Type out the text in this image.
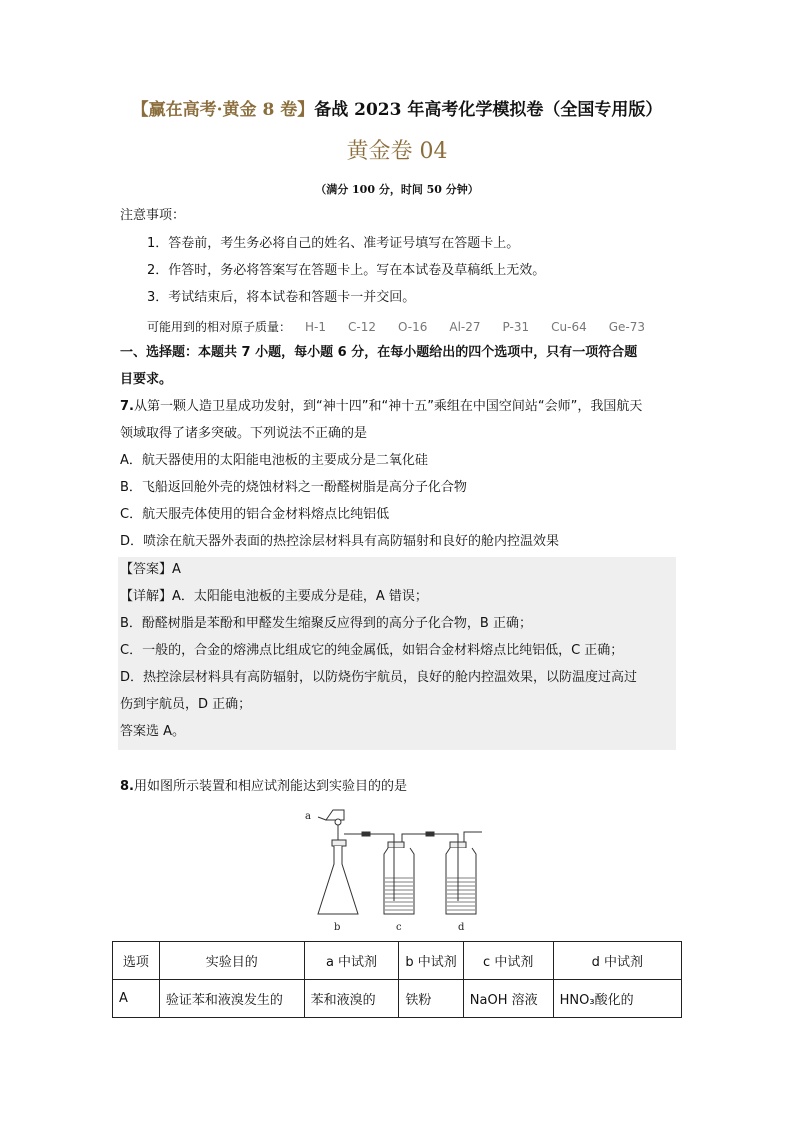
【赢在高考·黄金 8 卷】备战 2023 年高考化学模拟卷（全国专用版）
黄金卷 04
（满分 100 分，时间 50 分钟）
注意事项：
1．答卷前，考生务必将自己的姓名、准考证号填写在答题卡上。
2．作答时，务必将答案写在答题卡上。写在本试卷及草稿纸上无效。
3．考试结束后，将本试卷和答题卡一并交回。
可能用到的相对原子质量： H-1 C-12 O-16 Al-27 P-31 Cu-64 Ge-73
一、选择题：本题共 7 小题，每小题 6 分，在每小题给出的四个选项中，只有一项符合题
目要求。
7.从第一颗人造卫星成功发射，到“神十四”和“神十五”乘组在中国空间站“会师”，我国航天
领域取得了诸多突破。下列说法不正确的是
A．航天器使用的太阳能电池板的主要成分是二氧化硅
B．飞船返回舱外壳的烧蚀材料之一酚醛树脂是高分子化合物
C．航天服壳体使用的铝合金材料熔点比纯铝低
D．喷涂在航天器外表面的热控涂层材料具有高防辐射和良好的舱内控温效果
【答案】A
【详解】A．太阳能电池板的主要成分是硅，A 错误；
B．酚醛树脂是苯酚和甲醛发生缩聚反应得到的高分子化合物，B 正确；
C．一般的，合金的熔沸点比组成它的纯金属低，如铝合金材料熔点比纯铝低，C 正确；
D．热控涂层材料具有高防辐射，以防烧伤宇航员，良好的舱内控温效果，以防温度过高过
伤到宇航员，D 正确；
答案选 A。
8.用如图所示装置和相应试剂能达到实验目的的是
a
b	c	d
选项	实验目的	a 中试剂	b 中试剂	c 中试剂	d 中试剂
A	验证苯和液溴发生的	苯和液溴的	铁粉	NaOH 溶液	HNO₃酸化的
